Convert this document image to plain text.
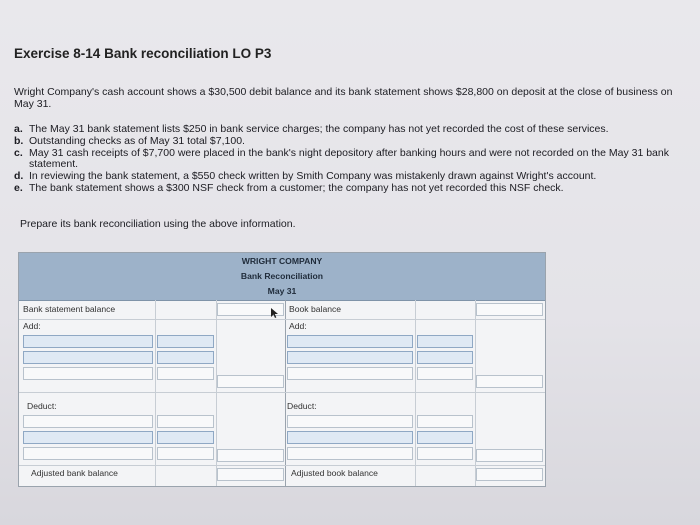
Exercise 8-14 Bank reconciliation LO P3
Wright Company's cash account shows a $30,500 debit balance and its bank statement shows $28,800 on deposit at the close of business on May 31.
a. The May 31 bank statement lists $250 in bank service charges; the company has not yet recorded the cost of these services.
b. Outstanding checks as of May 31 total $7,100.
c. May 31 cash receipts of $7,700 were placed in the bank's night depository after banking hours and were not recorded on the May 31 bank statement.
d. In reviewing the bank statement, a $550 check written by Smith Company was mistakenly drawn against Wright's account.
e. The bank statement shows a $300 NSF check from a customer; the company has not yet recorded this NSF check.
Prepare its bank reconciliation using the above information.
WRIGHT COMPANY
Bank Reconciliation
May 31
Bank statement balance
Add:
Deduct:
Adjusted bank balance
Book balance
Add:
Deduct:
Adjusted book balance
